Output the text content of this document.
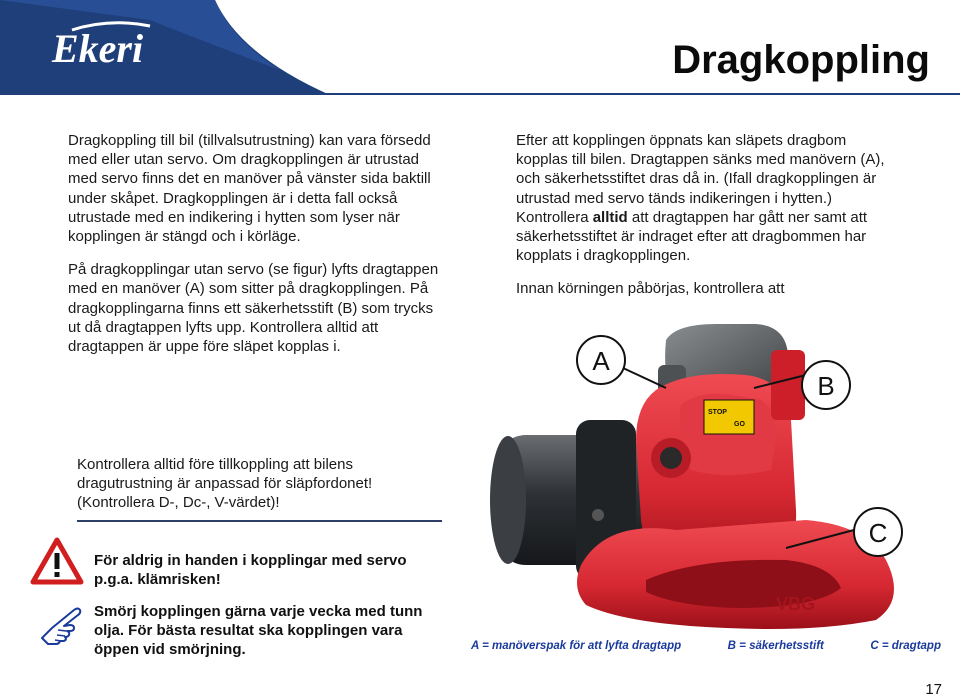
Ekeri	Dragkoppling

Dragkoppling till bil (tillvalsutrustning) kan vara försedd med eller utan servo. Om dragkopplingen är utrustad med servo finns det en manöver på vänster sida baktill under skåpet. Dragkopplingen är i detta fall också utrustade med en indikering i hytten som lyser när kopplingen är stängd och i körläge.

På dragkopplingar utan servo (se figur) lyfts dragtappen med en manöver (A) som sitter på dragkopplingen. På dragkopplingarna finns ett säkerhetsstift (B) som trycks ut då dragtappen lyfts upp. Kontrollera alltid att dragtappen är uppe före släpet kopplas i.

Efter att kopplingen öppnats kan släpets dragbom kopplas till bilen. Dragtappen sänks med manövern (A), och säkerhetsstiftet dras då in. (Ifall dragkopplingen är utrustad med servo tänds indikeringen i hytten.) Kontrollera alltid att dragtappen har gått ner samt att säkerhetsstiftet är indraget efter att dragbommen har kopplats i dragkopplingen.

Innan körningen påbörjas, kontrollera att

Kontrollera alltid före tillkoppling att bilens dragutrustning är anpassad för släpfordonet! (Kontrollera D-, Dc-, V-värdet)!
För aldrig in handen i kopplingar med servo p.g.a. klämrisken!
Smörj kopplingen gärna varje vecka med tunn olja. För bästa resultat ska kopplingen vara öppen vid smörjning.
VBG
STOP
GO
A
B
C
A = manöverspak för att lyfta dragtapp	B = säkerhetsstift	C = dragtapp
17
